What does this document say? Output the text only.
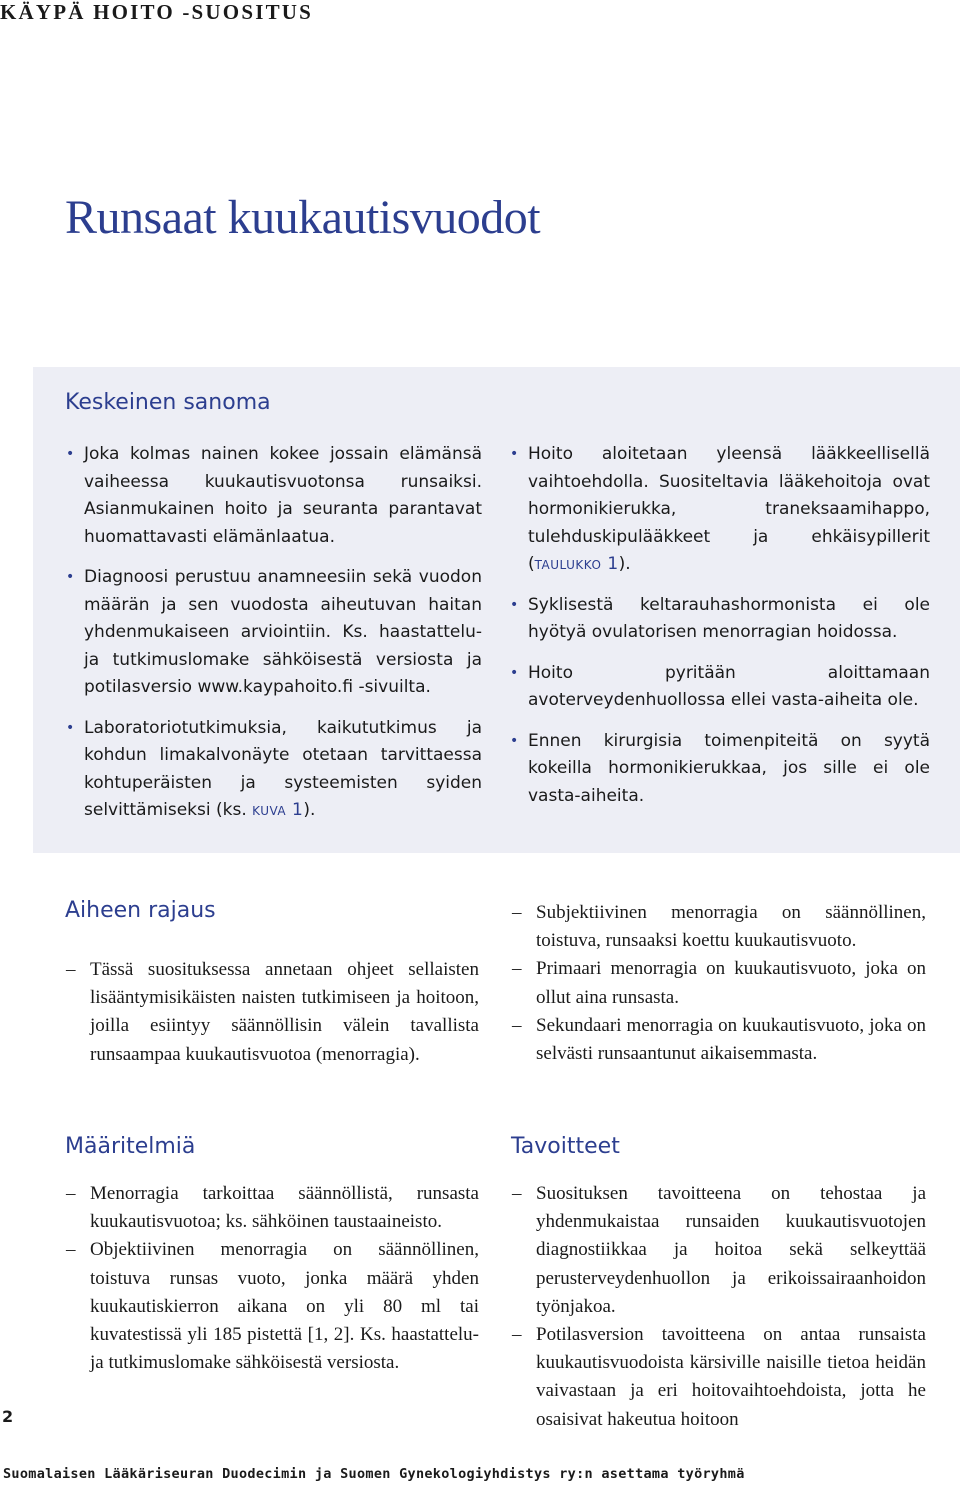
KÄYPÄ HOITO -SUOSITUS
Runsaat kuukautisvuodot
Keskeinen sanoma
• Joka kolmas nainen kokee jossain elämänsä vaiheessa kuukautisvuotonsa runsaiksi. Asianmukainen hoito ja seuranta parantavat huomattavasti elämänlaatua.
• Diagnoosi perustuu anamneesiin sekä vuodon määrän ja sen vuodosta aiheutuvan haitan yhdenmukaiseen arviointiin. Ks. haastattelu- ja tutkimuslomake sähköisestä versiosta ja potilasversio www.kaypahoito.fi -sivuilta.
• Laboratoriotutkimuksia, kaikututkimus ja kohdun limakalvonäyte otetaan tarvittaessa kohtuperäisten ja systeemisten syiden selvittämiseksi (ks. kuva 1).
• Hoito aloitetaan yleensä lääkkeellisellä vaihtoehdolla. Suositeltavia lääkehoitoja ovat hormonikierukka, traneksaamihappo, tulehduskipulääkkeet ja ehkäisypillerit (taulukko 1).
• Syklisestä keltarauhashormonista ei ole hyötyä ovulatorisen menorragian hoidossa.
• Hoito pyritään aloittamaan avoterveydenhuollossa ellei vasta-aiheita ole.
• Ennen kirurgisia toimenpiteitä on syytä kokeilla hormonikierukkaa, jos sille ei ole vasta-aiheita.
Aiheen rajaus
– Tässä suosituksessa annetaan ohjeet sellaisten lisääntymisikäisten naisten tutkimiseen ja hoitoon, joilla esiintyy säännöllisin välein tavallista runsaampaa kuukautisvuotoa (menorragia).
– Subjektiivinen menorragia on säännöllinen, toistuva, runsaaksi koettu kuukautisvuoto.
– Primaari menorragia on kuukautisvuoto, joka on ollut aina runsasta.
– Sekundaari menorragia on kuukautisvuoto, joka on selvästi runsaantunut aikaisemmasta.
Määritelmiä
– Menorragia tarkoittaa säännöllistä, runsasta kuukautisvuotoa; ks. sähköinen taustaaineisto.
– Objektiivinen menorragia on säännöllinen, toistuva runsas vuoto, jonka määrä yhden kuukautiskierron aikana on yli 80 ml tai kuvatestissä yli 185 pistettä [1, 2]. Ks. haastattelu- ja tutkimuslomake sähköisestä versiosta.
Tavoitteet
– Suosituksen tavoitteena on tehostaa ja yhdenmukaistaa runsaiden kuukautisvuotojen diagnostiikkaa ja hoitoa sekä selkeyttää perusterveydenhuollon ja erikoissairaanhoidon työnjakoa.
– Potilasversion tavoitteena on antaa runsaista kuukautisvuodoista kärsiville naisille tietoa heidän vaivastaan ja eri hoitovaihtoehdoista, jotta he osaisivat hakeutua hoitoon
2
Suomalaisen Lääkäriseuran Duodecimin ja Suomen Gynekologiyhdistys ry:n asettama työryhmä
